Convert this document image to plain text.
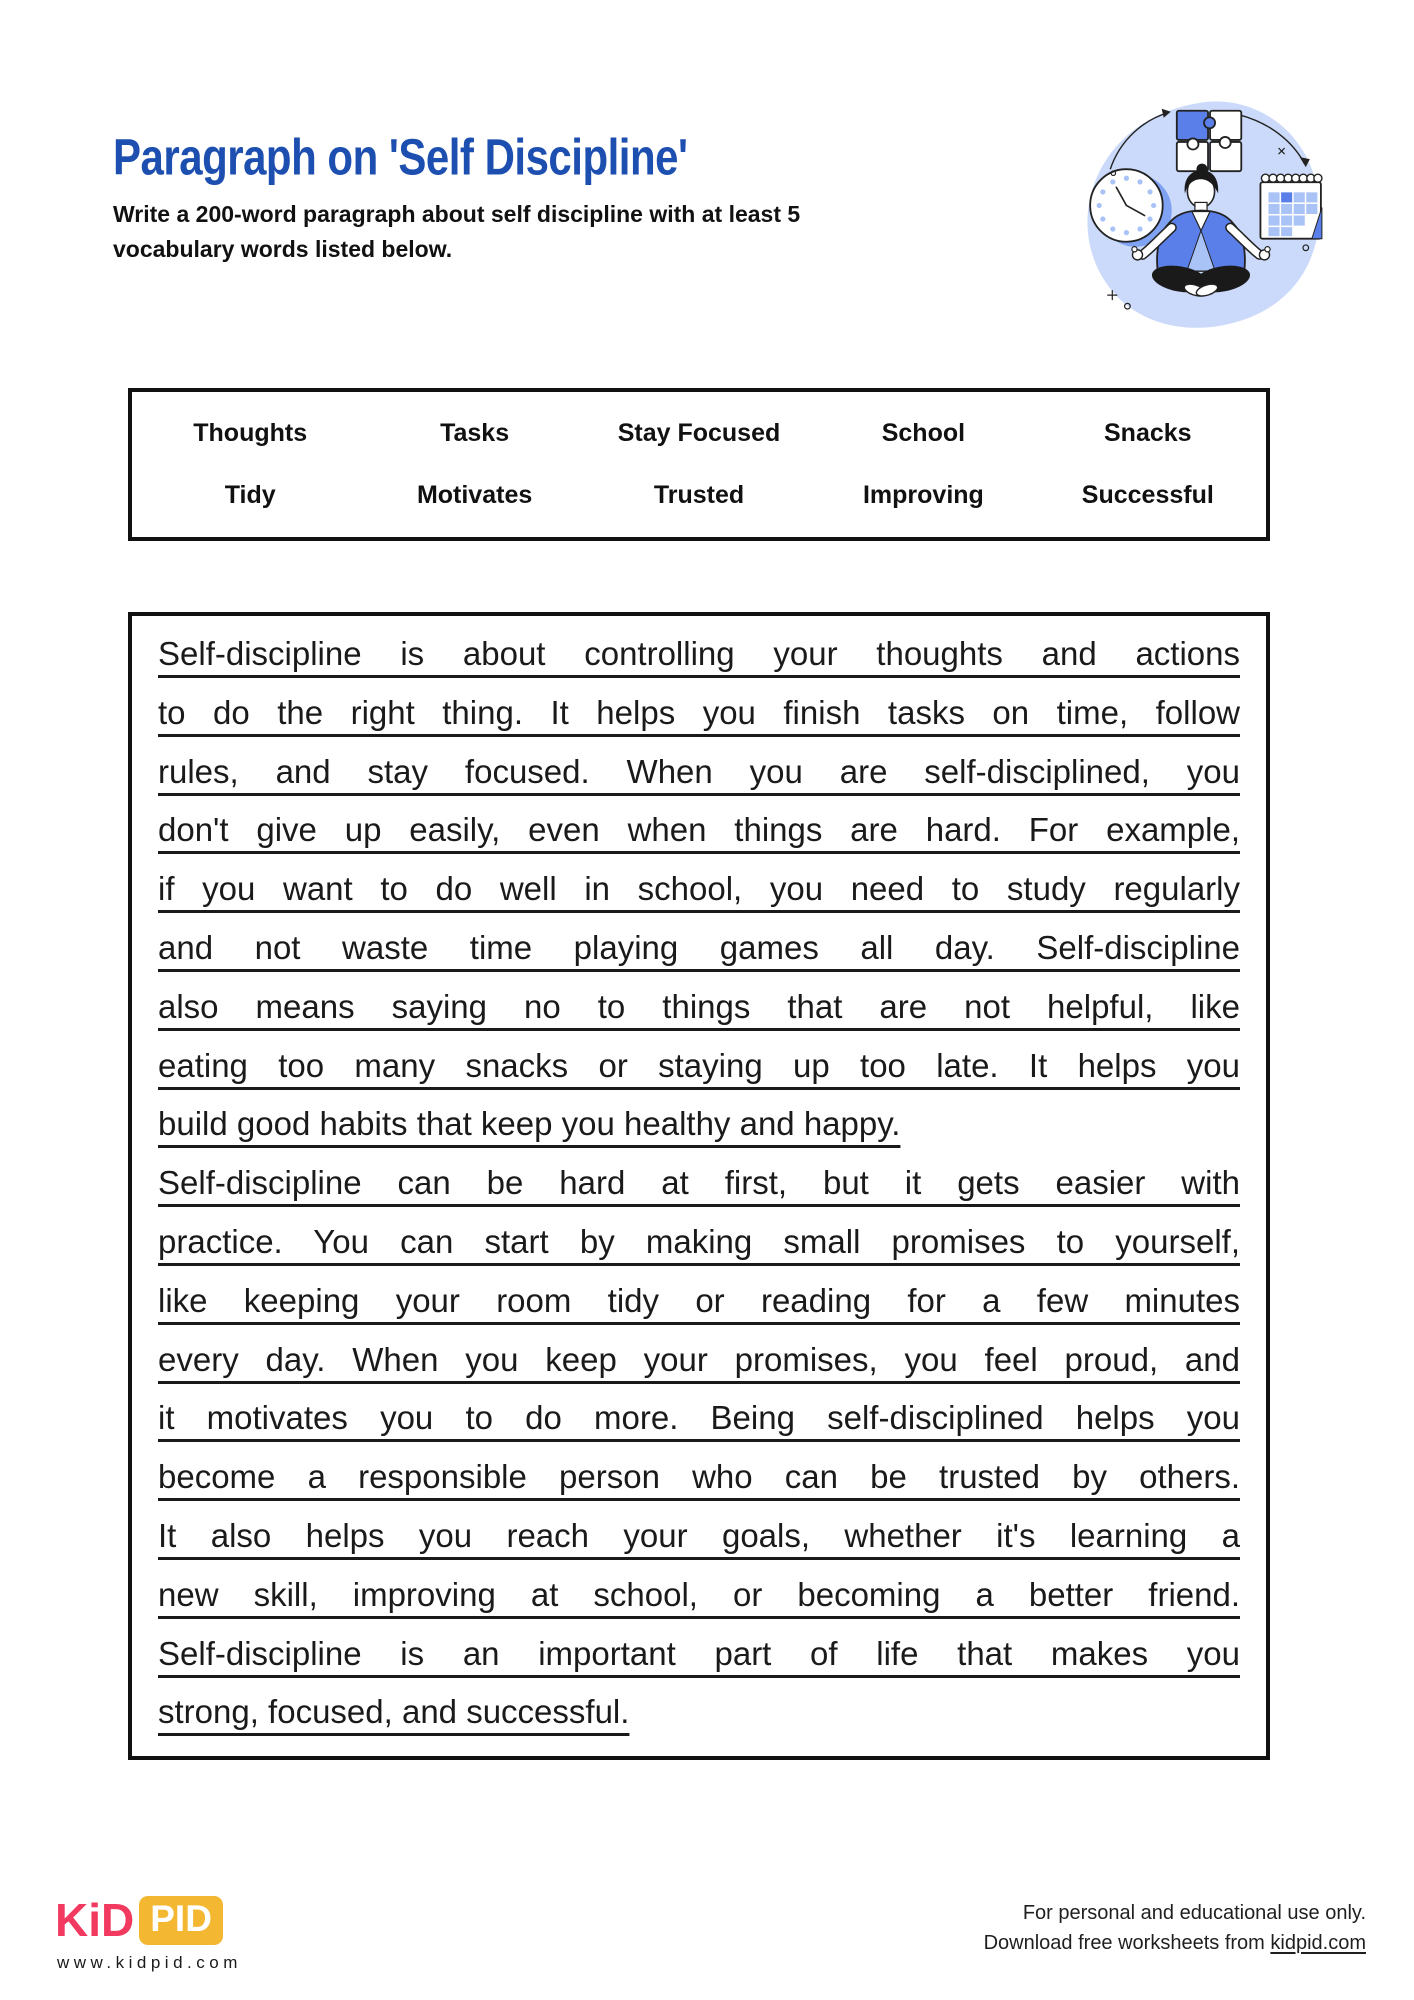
Paragraph on 'Self Discipline'
Write a 200-word paragraph about self discipline with at least 5
vocabulary words listed below.
Thoughts	Tasks	Stay Focused	School	Snacks
Tidy	Motivates	Trusted	Improving	Successful
Self-discipline is about controlling your thoughts and actions
to do the right thing. It helps you finish tasks on time, follow
rules, and stay focused. When you are self-disciplined, you
don't give up easily, even when things are hard. For example,
if you want to do well in school, you need to study regularly
and not waste time playing games all day. Self-discipline
also means saying no to things that are not helpful, like
eating too many snacks or staying up too late. It helps you
build good habits that keep you healthy and happy.
Self-discipline can be hard at first, but it gets easier with
practice. You can start by making small promises to yourself,
like keeping your room tidy or reading for a few minutes
every day. When you keep your promises, you feel proud, and
it motivates you to do more. Being self-disciplined helps you
become a responsible person who can be trusted by others.
It also helps you reach your goals, whether it's learning a
new skill, improving at school, or becoming a better friend.
Self-discipline is an important part of life that makes you
strong, focused, and successful.
KiD PID
www.kidpid.com
For personal and educational use only.
Download free worksheets from kidpid.com
